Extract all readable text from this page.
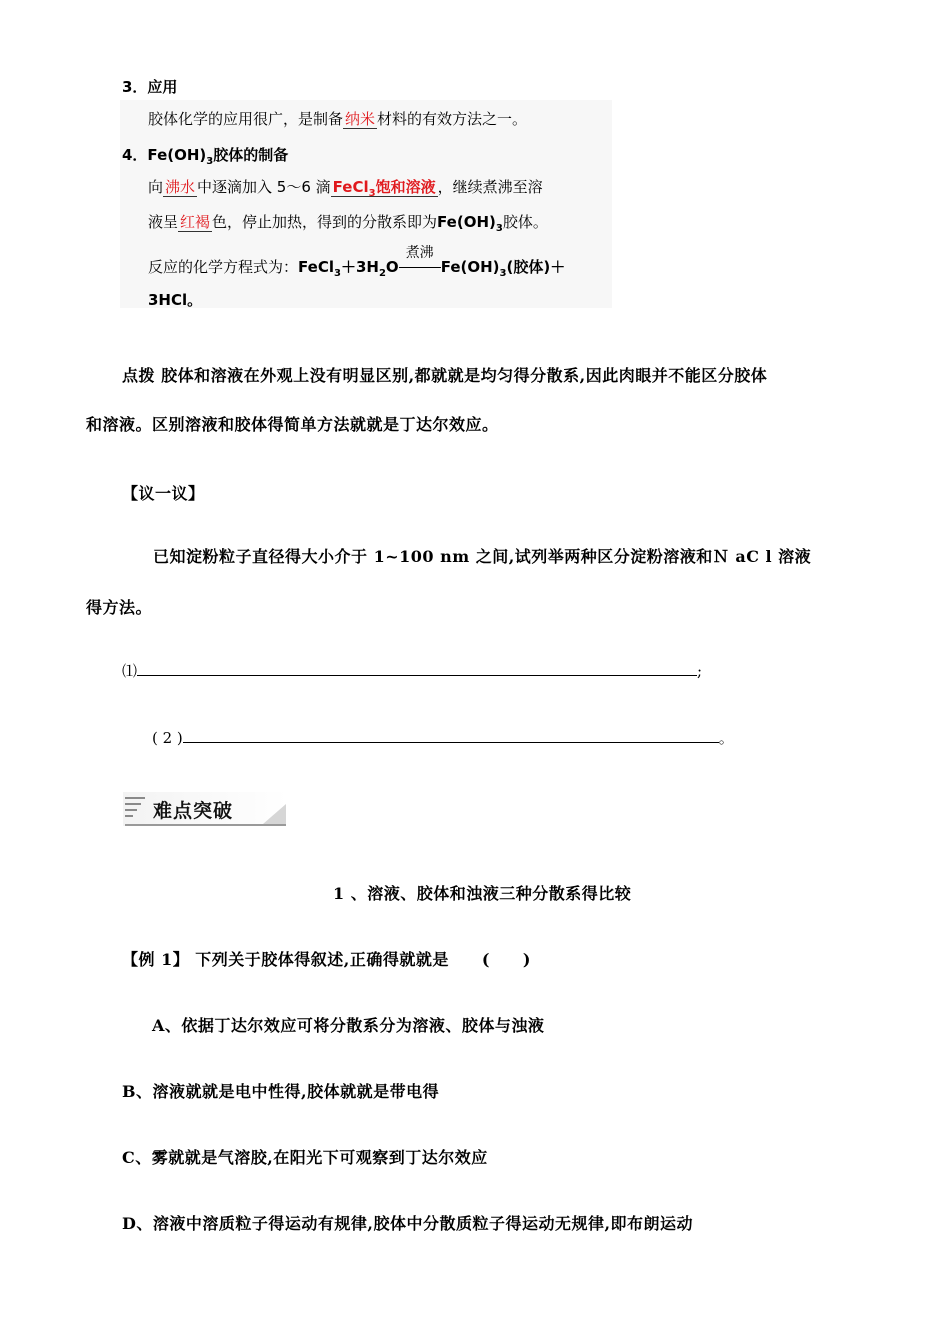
3．应用
胶体化学的应用很广，是制备 纳米 材料的有效方法之一。
4．$Fe(OH)_3$胶体的制备
向 沸水 中逐滴加入 5～6 滴 FeCl$_3$饱和溶液 ，继续煮沸至溶
液呈 红褐 色，停止加热，得到的分散系即为$Fe(OH)_3$胶体。
反应的化学方程式为：$FeCl_3+3H_2O$
煮沸
$Fe(OH)_3$(胶体)＋
3HCl。
点拨 胶体和溶液在外观上没有明显区别,都就就是均匀得分散系,因此肉眼并不能区分胶体
和溶液。区别溶液和胶体得简单方法就就是丁达尔效应。
【议一议】
已知淀粉粒子直径得大小介于 1~100 nm 之间,试列举两种区分淀粉溶液和Ｎ aC l 溶液
得方法。
⑴	;
( 2 )	。
难点突破
1 、溶液、胶体和浊液三种分散系得比较
【例 1】 下列关于胶体得叙述,正确得就就是　　(　　)
A、依据丁达尔效应可将分散系分为溶液、胶体与浊液
B、溶液就就是电中性得,胶体就就是带电得
C、雾就就是气溶胶,在阳光下可观察到丁达尔效应
D、溶液中溶质粒子得运动有规律,胶体中分散质粒子得运动无规律,即布朗运动
